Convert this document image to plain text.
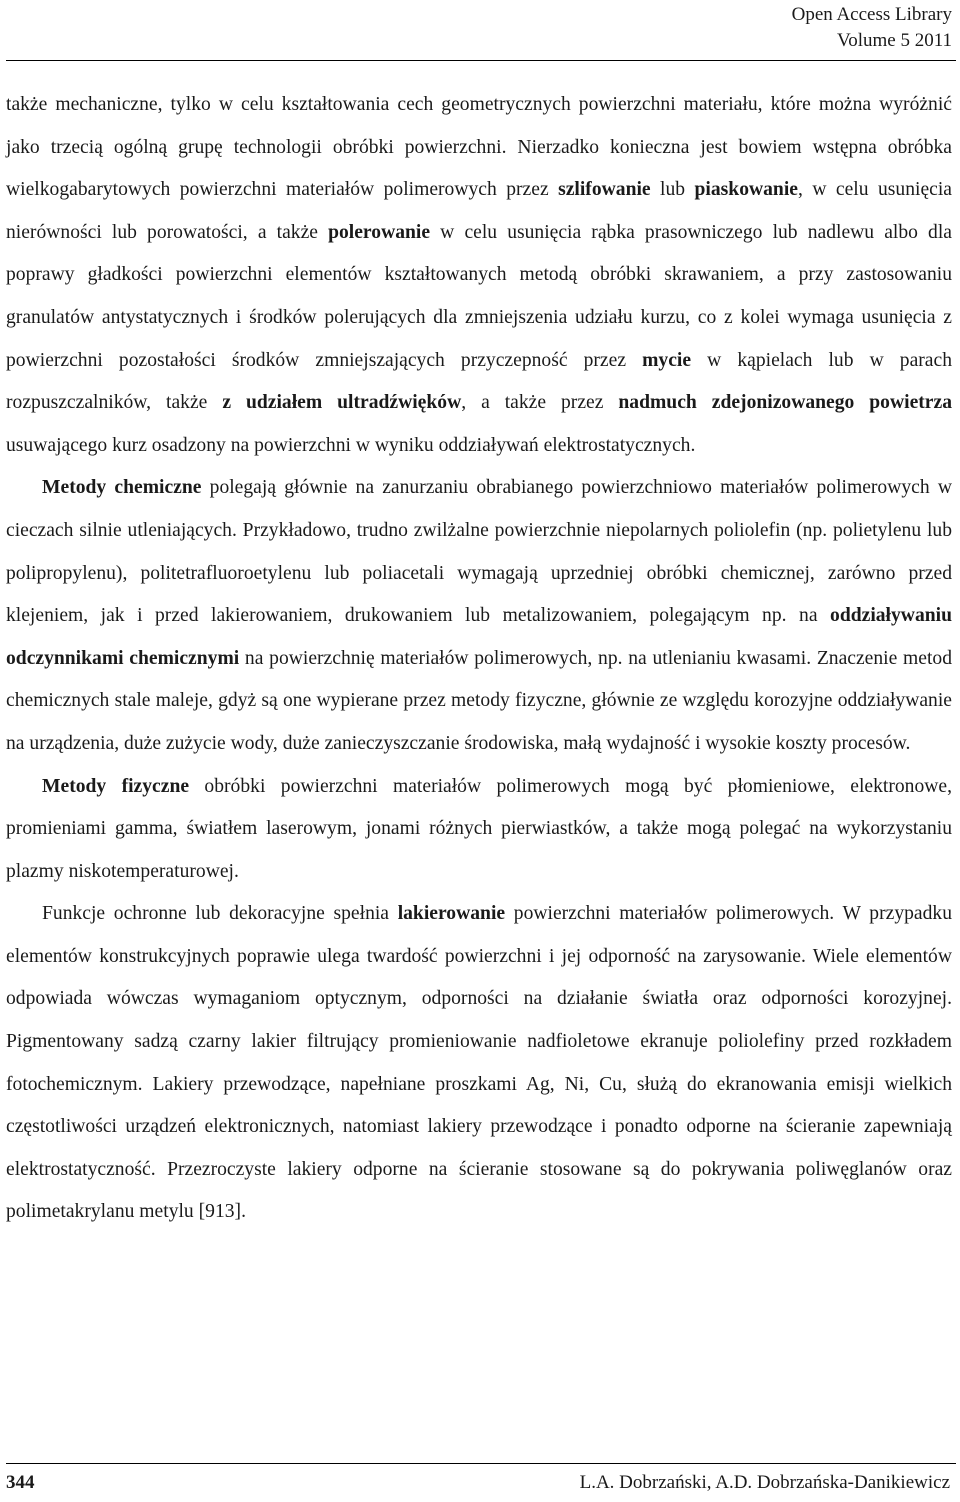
Open Access Library
Volume 5 2011

także mechaniczne, tylko w celu kształtowania cech geometrycznych powierzchni materiału, które można wyróżnić jako trzecią ogólną grupę technologii obróbki powierzchni. Nierzadko konieczna jest bowiem wstępna obróbka wielkogabarytowych powierzchni materiałów polimerowych przez szlifowanie lub piaskowanie, w celu usunięcia nierówności lub porowatości, a także polerowanie w celu usunięcia rąbka prasowniczego lub nadlewu albo dla poprawy gładkości powierzchni elementów kształtowanych metodą obróbki skrawaniem, a przy zastosowaniu granulatów antystatycznych i środków polerujących dla zmniejszenia udziału kurzu, co z kolei wymaga usunięcia z powierzchni pozostałości środków zmniejszających przyczepność przez mycie w kąpielach lub w parach rozpuszczalników, także z udziałem ultradźwięków, a także przez nadmuch zdejonizowanego powietrza usuwającego kurz osadzony na powierzchni w wyniku oddziaływań elektrostatycznych.

Metody chemiczne polegają głównie na zanurzaniu obrabianego powierzchniowo materiałów polimerowych w cieczach silnie utleniających. Przykładowo, trudno zwilżalne powierzchnie niepolarnych poliolefin (np. polietylenu lub polipropylenu), politetrafluoroetylenu lub poliacetali wymagają uprzedniej obróbki chemicznej, zarówno przed klejeniem, jak i przed lakierowaniem, drukowaniem lub metalizowaniem, polegającym np. na oddziaływaniu odczynnikami chemicznymi na powierzchnię materiałów polimerowych, np. na utlenianiu kwasami. Znaczenie metod chemicznych stale maleje, gdyż są one wypierane przez metody fizyczne, głównie ze względu korozyjne oddziaływanie na urządzenia, duże zużycie wody, duże zanieczyszczanie środowiska, małą wydajność i wysokie koszty procesów.

Metody fizyczne obróbki powierzchni materiałów polimerowych mogą być płomieniowe, elektronowe, promieniami gamma, światłem laserowym, jonami różnych pierwiastków, a także mogą polegać na wykorzystaniu plazmy niskotemperaturowej.

Funkcje ochronne lub dekoracyjne spełnia lakierowanie powierzchni materiałów polimerowych. W przypadku elementów konstrukcyjnych poprawie ulega twardość powierzchni i jej odporność na zarysowanie. Wiele elementów odpowiada wówczas wymaganiom optycznym, odporności na działanie światła oraz odporności korozyjnej. Pigmentowany sadzą czarny lakier filtrujący promieniowanie nadfioletowe ekranuje poliolefiny przed rozkładem fotochemicznym. Lakiery przewodzące, napełniane proszkami Ag, Ni, Cu, służą do ekranowania emisji wielkich częstotliwości urządzeń elektronicznych, natomiast lakiery przewodzące i ponadto odporne na ścieranie zapewniają elektrostatyczność. Przezroczyste lakiery odporne na ścieranie stosowane są do pokrywania poliwęglanów oraz polimetakrylanu metylu [913].

344	L.A. Dobrzański, A.D. Dobrzańska-Danikiewicz
